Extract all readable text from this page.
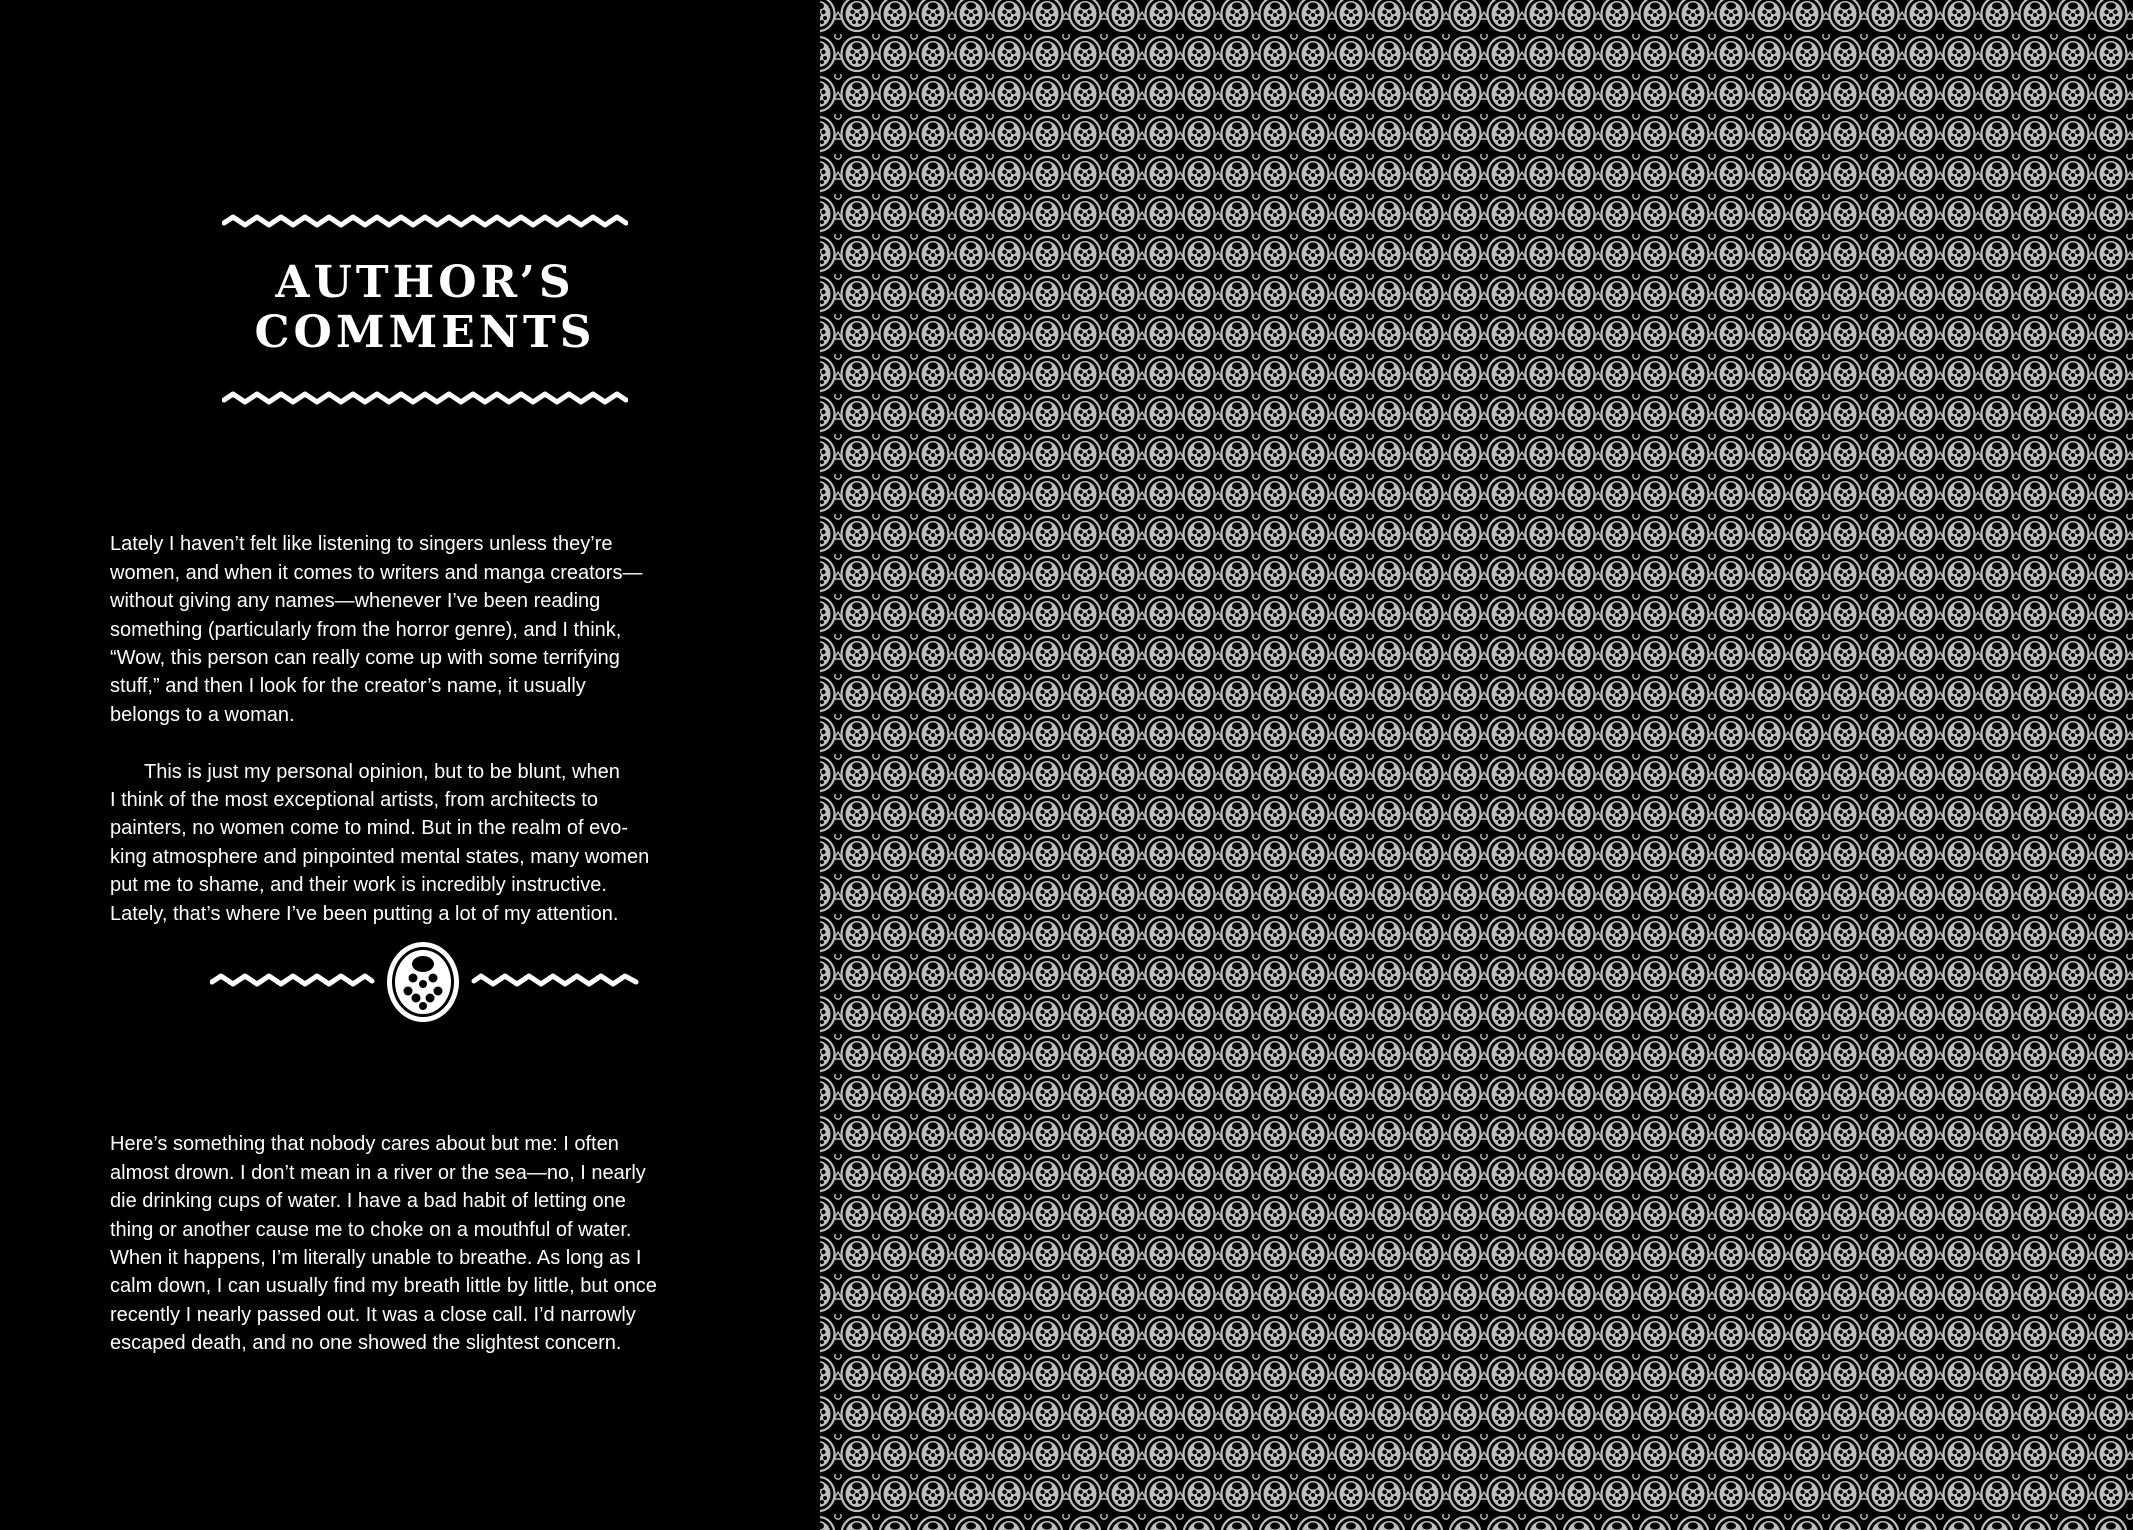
AUTHOR’S
COMMENTS

Lately I haven’t felt like listening to singers unless they’re
women, and when it comes to writers and manga creators—
without giving any names—whenever I’ve been reading
something (particularly from the horror genre), and I think,
“Wow, this person can really come up with some terrifying
stuff,” and then I look for the creator’s name, it usually
belongs to a woman.

This is just my personal opinion, but to be blunt, when
I think of the most exceptional artists, from architects to
painters, no women come to mind. But in the realm of evo-
king atmosphere and pinpointed mental states, many women
put me to shame, and their work is incredibly instructive.
Lately, that’s where I’ve been putting a lot of my attention.

Here’s something that nobody cares about but me: I often
almost drown. I don’t mean in a river or the sea—no, I nearly
die drinking cups of water. I have a bad habit of letting one
thing or another cause me to choke on a mouthful of water.
When it happens, I’m literally unable to breathe. As long as I
calm down, I can usually find my breath little by little, but once
recently I nearly passed out. It was a close call. I’d narrowly
escaped death, and no one showed the slightest concern.
